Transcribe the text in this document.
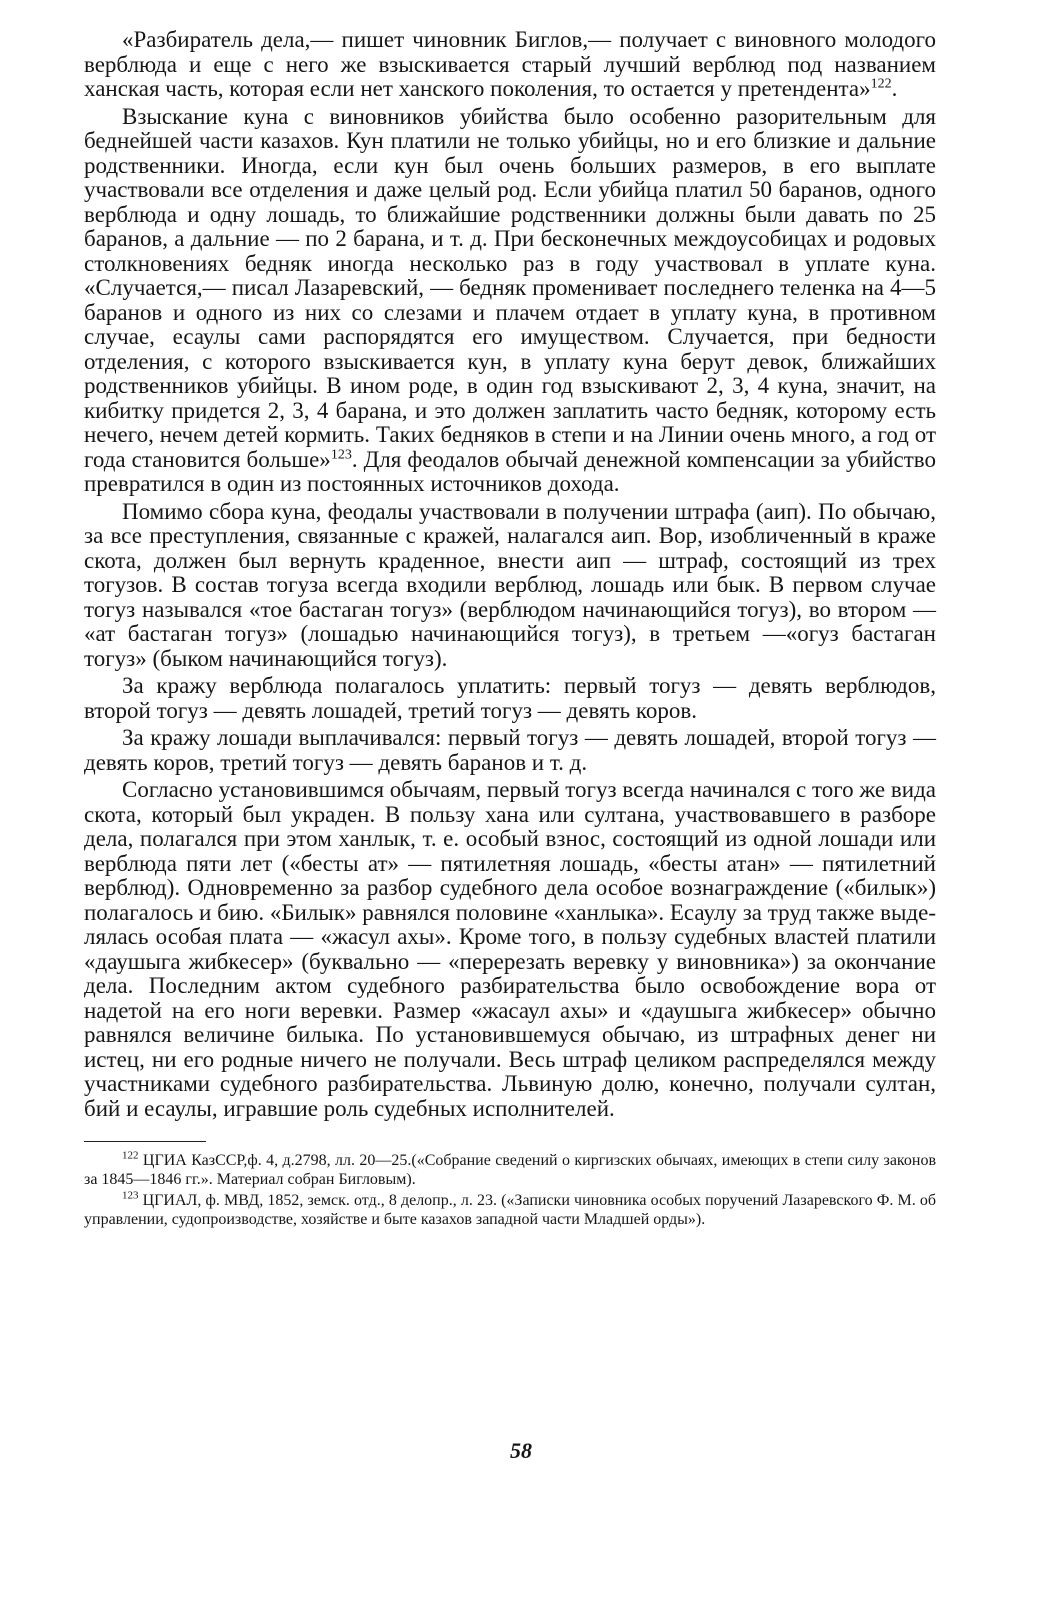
«Разбиратель дела,— пишет чиновник Биглов,— получает с виновного молодого верблюда и еще с него же взыскивается старый лучший верблюд под названием ханская часть, которая если нет ханского поколения, то остается у претендента»$^{122}$.

Взыскание куна с виновников убийства было особенно разорительным для беднейшей части казахов. Кун платили не только убийцы, но и его близкие и дальние родственники. Иногда, если кун был очень больших размеров, в его выплате участвовали все отделения и даже целый род. Если убийца платил 50 баранов, одного верблюда и одну лошадь, то ближайшие родственники должны были давать по 25 баранов, а дальние — по 2 барана, и т. д. При бесконечных междоусобицах и родовых столкновениях бедняк иногда несколько раз в году участвовал в уплате куна. «Случается,— писал Лазаревский, — бедняк променивает последнего теленка на 4—5 баранов и одного из них со слезами и плачем отдает в уплату куна, в противном случае, есаулы сами распорядятся его имуществом. Случается, при бедности отделения, с которого взыскивается кун, в уплату куна берут девок, ближайших родственников убийцы. В ином роде, в один год взыскивают 2, 3, 4 куна, значит, на кибитку придется 2, 3, 4 барана, и это должен заплатить часто бедняк, которому есть нечего, нечем детей кормить. Таких бедняков в степи и на Линии очень много, а год от года становится больше»$^{123}$. Для феодалов обычай денежной компенсации за убийство превратился в один из постоянных источников дохода.

Помимо сбора куна, феодалы участвовали в получении штрафа (аип). По обычаю, за все преступления, связанные с кражей, налагался аип. Вор, изобличенный в краже скота, должен был вернуть краденное, внести аип — штраф, состоящий из трех тогузов. В состав тогуза всегда входили верблюд, лошадь или бык. В первом случае тогуз назывался «тое бастаган тогуз» (верблюдом начинающийся тогуз), во втором — «ат бастаган тогуз» (лошадью начинающийся тогуз), в третьем —«огуз бастаган тогуз» (быком начинающийся тогуз).

За кражу верблюда полагалось уплатить: первый тогуз — девять верблюдов, второй тогуз — девять лошадей, третий тогуз — девять коров.

За кражу лошади выплачивался: первый тогуз — девять лошадей, второй тогуз — девять коров, третий тогуз — девять баранов и т. д.

Согласно установившимся обычаям, первый тогуз всегда начинался с того же вида скота, который был украден. В пользу хана или султана, участвовавшего в разборе дела, полагался при этом ханлык, т. е. особый взнос, состоящий из одной лошади или верблюда пяти лет («бесты ат» — пятилетняя лошадь, «бесты атан» — пятилетний верблюд). Одновременно за разбор судебного дела особое вознаграждение («билык») полагалось и бию. «Билык» равнялся половине «ханлыка». Есаулу за труд также выделялась особая плата — «жасул ахы». Кроме того, в пользу судебных властей платили «даушыга жибкесер» (буквально — «перерезать веревку у виновника») за окончание дела. Последним актом судебного разбирательства было освобождение вора от надетой на его ноги веревки. Размер «жасаул ахы» и «даушыга жибкесер» обычно равнялся величине билыка. По установившемуся обычаю, из штрафных денег ни истец, ни его родные ничего не получали. Весь штраф целиком распределялся между участниками судебного разбирательства. Львиную долю, конечно, получали султан, бий и есаулы, игравшие роль судебных исполнителей.

$^{122}$ ЦГИА КазССР,ф. 4, д.2798, лл. 20—25.(«Собрание сведений о киргизских обычаях, имеющих в степи силу законов за 1845—1846 гг.». Материал собран Бигловым).

$^{123}$ ЦГИАЛ, ф. МВД, 1852, земск. отд., 8 делопр., л. 23. («Записки чиновника особых поручений Лазаревского Ф. М. об управлении, судопроизводстве, хозяйстве и быте казахов западной части Младшей орды»).

58
